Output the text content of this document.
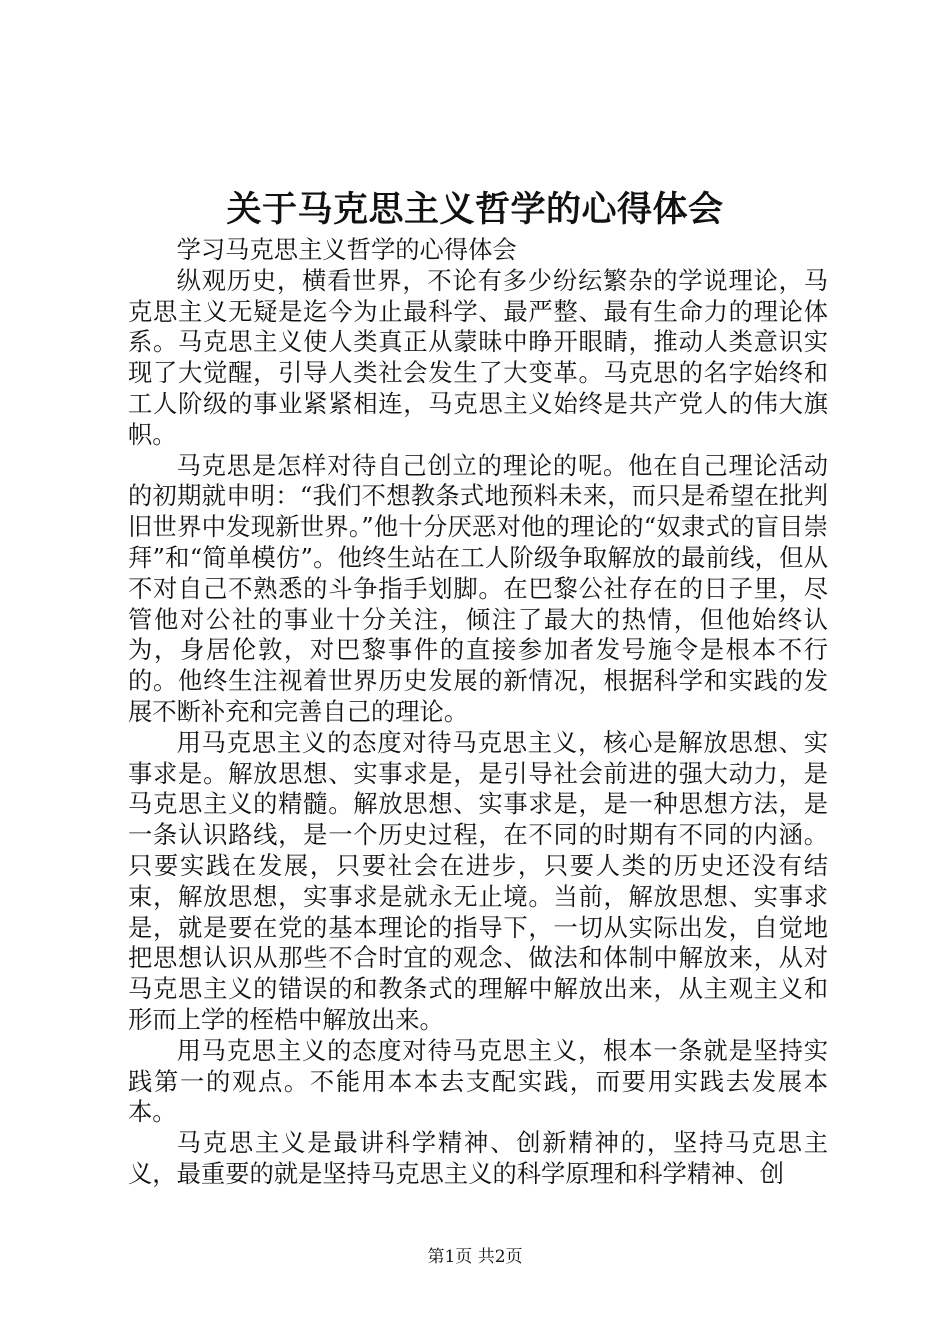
关于马克思主义哲学的心得体会

学习马克思主义哲学的心得体会

纵观历史，横看世界，不论有多少纷纭繁杂的学说理论，马克思主义无疑是迄今为止最科学、最严整、最有生命力的理论体系。马克思主义使人类真正从蒙昧中睁开眼睛，推动人类意识实现了大觉醒，引导人类社会发生了大变革。马克思的名字始终和工人阶级的事业紧紧相连，马克思主义始终是共产党人的伟大旗帜。

马克思是怎样对待自己创立的理论的呢。他在自己理论活动的初期就申明：“我们不想教条式地预料未来，而只是希望在批判旧世界中发现新世界。”他十分厌恶对他的理论的“奴隶式的盲目崇拜”和“简单模仿”。他终生站在工人阶级争取解放的最前线，但从不对自己不熟悉的斗争指手划脚。在巴黎公社存在的日子里，尽管他对公社的事业十分关注，倾注了最大的热情，但他始终认为，身居伦敦，对巴黎事件的直接参加者发号施令是根本不行的。他终生注视着世界历史发展的新情况，根据科学和实践的发展不断补充和完善自己的理论。

用马克思主义的态度对待马克思主义，核心是解放思想、实事求是。解放思想、实事求是，是引导社会前进的强大动力，是马克思主义的精髓。解放思想、实事求是，是一种思想方法，是一条认识路线，是一个历史过程，在不同的时期有不同的内涵。只要实践在发展，只要社会在进步，只要人类的历史还没有结束，解放思想，实事求是就永无止境。当前，解放思想、实事求是，就是要在党的基本理论的指导下，一切从实际出发，自觉地把思想认识从那些不合时宜的观念、做法和体制中解放来，从对马克思主义的错误的和教条式的理解中解放出来，从主观主义和形而上学的桎梏中解放出来。

用马克思主义的态度对待马克思主义，根本一条就是坚持实践第一的观点。不能用本本去支配实践，而要用实践去发展本本。

马克思主义是最讲科学精神、创新精神的，坚持马克思主义，最重要的就是坚持马克思主义的科学原理和科学精神、创

第1页 共2页
